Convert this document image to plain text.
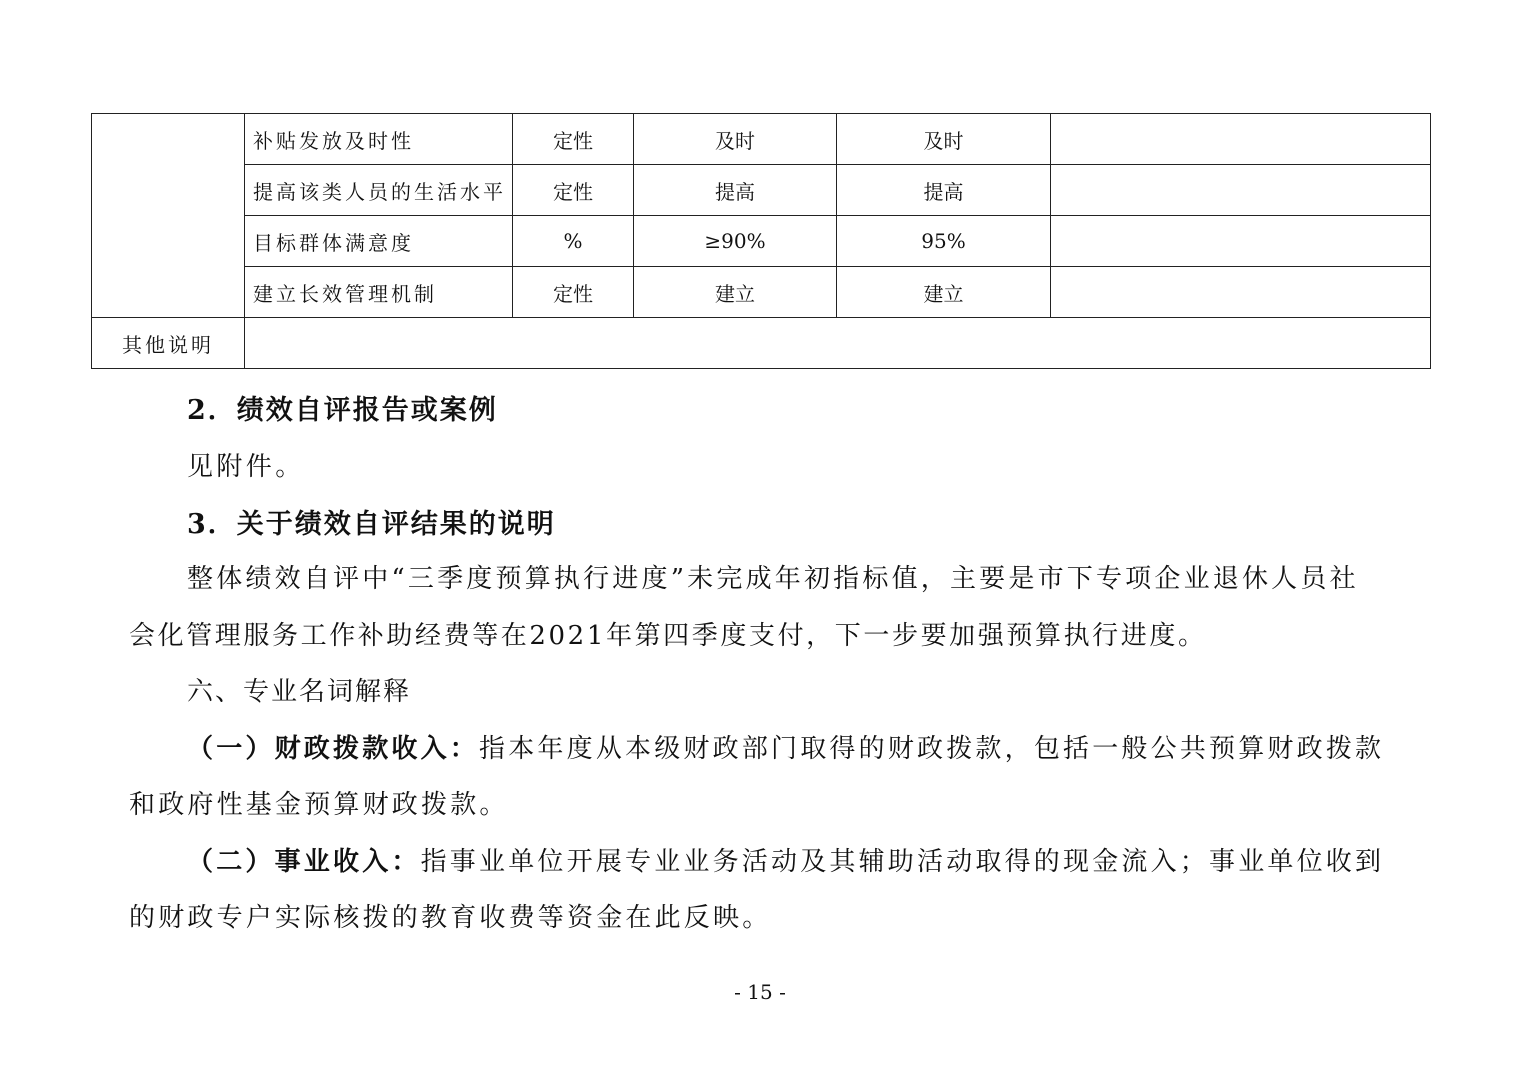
	补贴发放及时性	定性	及时	及时	
	提高该类人员的生活水平	定性	提高	提高	
	目标群体满意度	%	≥90%	95%	
	建立长效管理机制	定性	建立	建立	
其他说明					
2．绩效自评报告或案例
见附件。
3．关于绩效自评结果的说明
整体绩效自评中“三季度预算执行进度”未完成年初指标值，主要是市下专项企业退休人员社
会化管理服务工作补助经费等在2021年第四季度支付，下一步要加强预算执行进度。
六、专业名词解释
（一）财政拨款收入：指本年度从本级财政部门取得的财政拨款，包括一般公共预算财政拨款
和政府性基金预算财政拨款。
（二）事业收入：指事业单位开展专业业务活动及其辅助活动取得的现金流入；事业单位收到
的财政专户实际核拨的教育收费等资金在此反映。
- 15 -
